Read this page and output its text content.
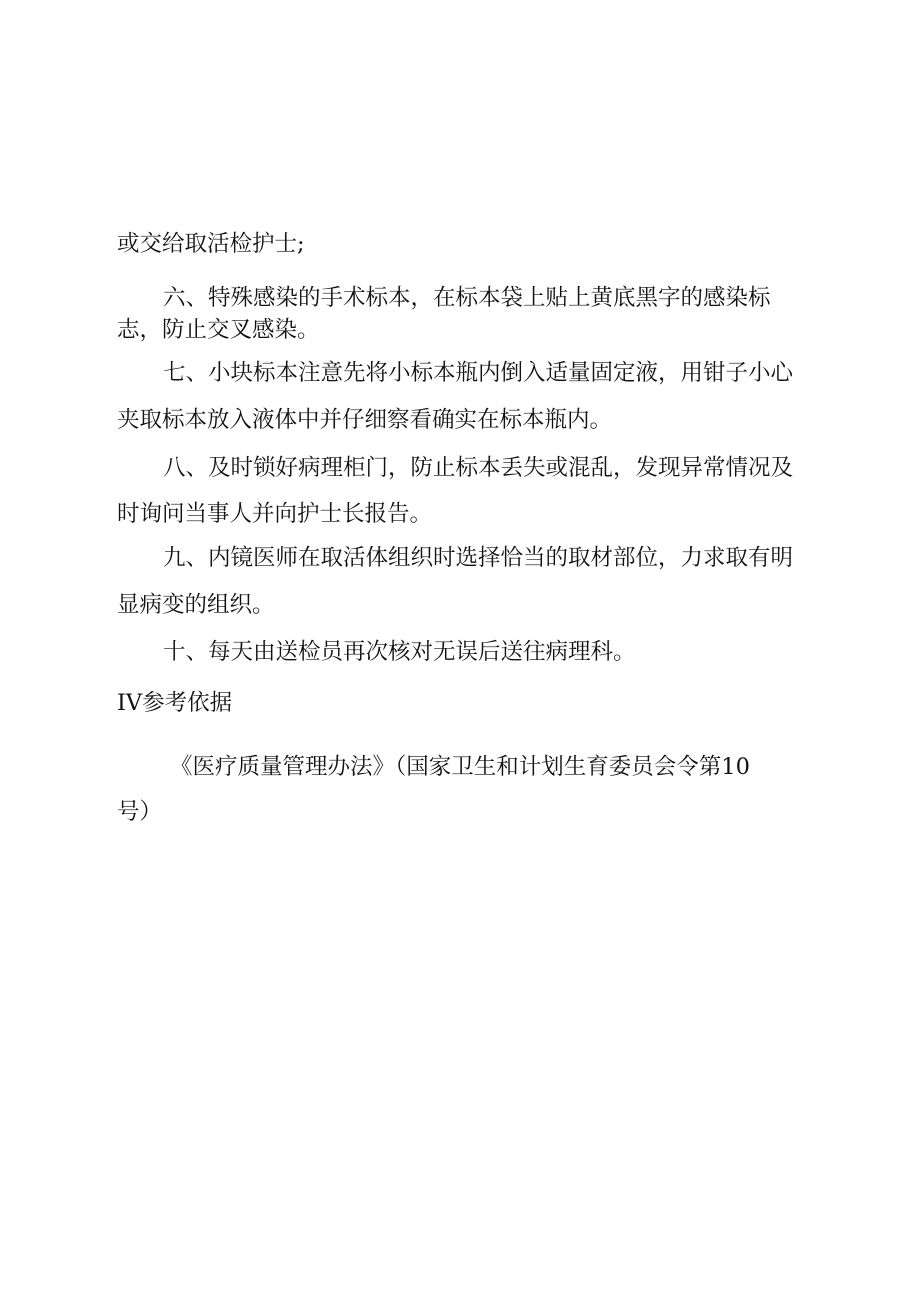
或交给取活检护士;
六、特殊感染的手术标本，在标本袋上贴上黄底黑字的感染标
志，防止交叉感染。
七、小块标本注意先将小标本瓶内倒入适量固定液，用钳子小心
夹取标本放入液体中并仔细察看确实在标本瓶内。
八、及时锁好病理柜门，防止标本丢失或混乱，发现异常情况及
时询问当事人并向护士长报告。
九、内镜医师在取活体组织时选择恰当的取材部位，力求取有明
显病变的组织。
十、每天由送检员再次核对无误后送往病理科。
IV参考依据
《医疗质量管理办法》（国家卫生和计划生育委员会令第10
号）
